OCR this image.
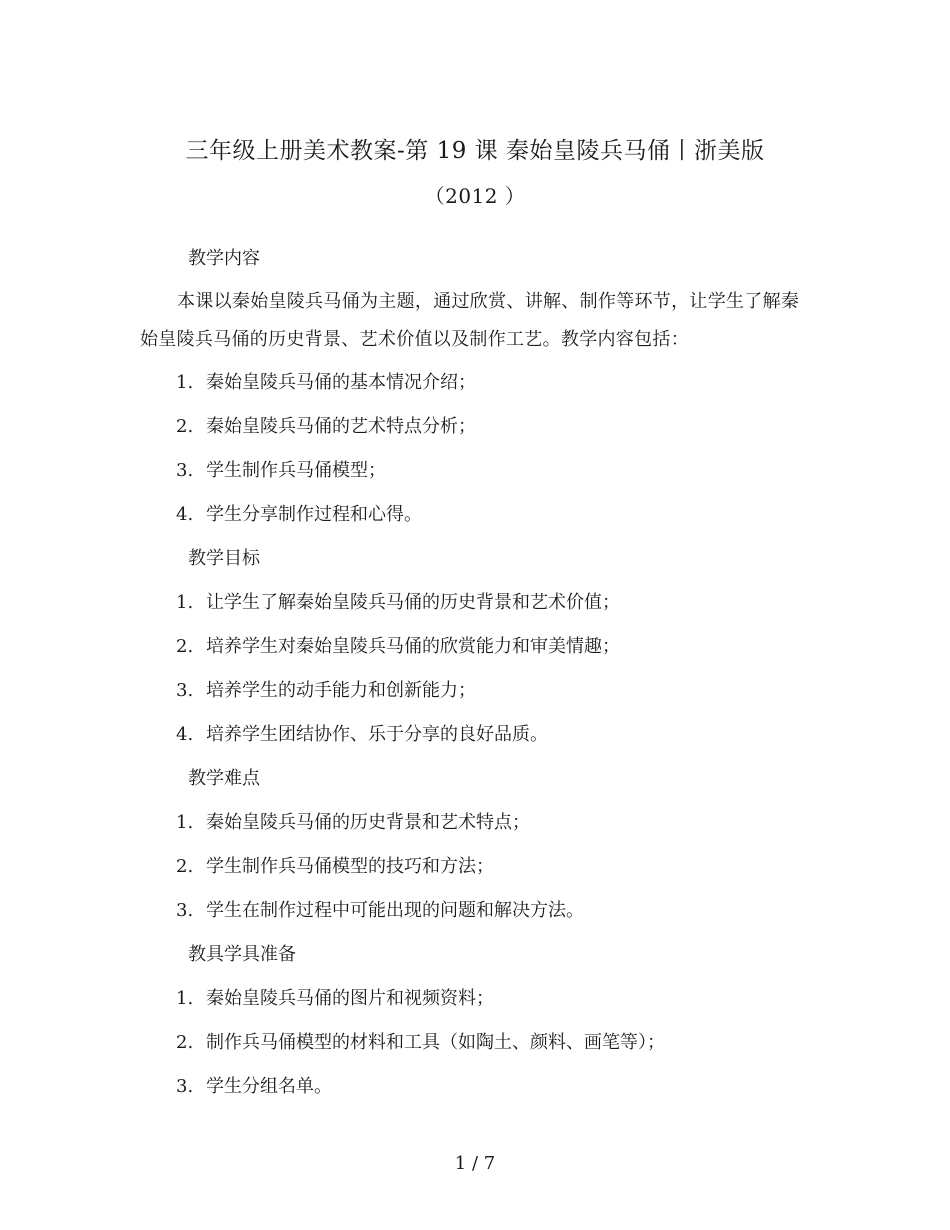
三年级上册美术教案-第 19 课 秦始皇陵兵马俑丨浙美版
（2012 ）
教学内容
本课以秦始皇陵兵马俑为主题，通过欣赏、讲解、制作等环节，让学生了解秦
始皇陵兵马俑的历史背景、艺术价值以及制作工艺。教学内容包括：
1. 秦始皇陵兵马俑的基本情况介绍；
2. 秦始皇陵兵马俑的艺术特点分析；
3. 学生制作兵马俑模型；
4. 学生分享制作过程和心得。
教学目标
1. 让学生了解秦始皇陵兵马俑的历史背景和艺术价值；
2. 培养学生对秦始皇陵兵马俑的欣赏能力和审美情趣；
3. 培养学生的动手能力和创新能力；
4. 培养学生团结协作、乐于分享的良好品质。
教学难点
1. 秦始皇陵兵马俑的历史背景和艺术特点；
2. 学生制作兵马俑模型的技巧和方法；
3. 学生在制作过程中可能出现的问题和解决方法。
教具学具准备
1. 秦始皇陵兵马俑的图片和视频资料；
2. 制作兵马俑模型的材料和工具（如陶土、颜料、画笔等）；
3. 学生分组名单。
1 / 7
